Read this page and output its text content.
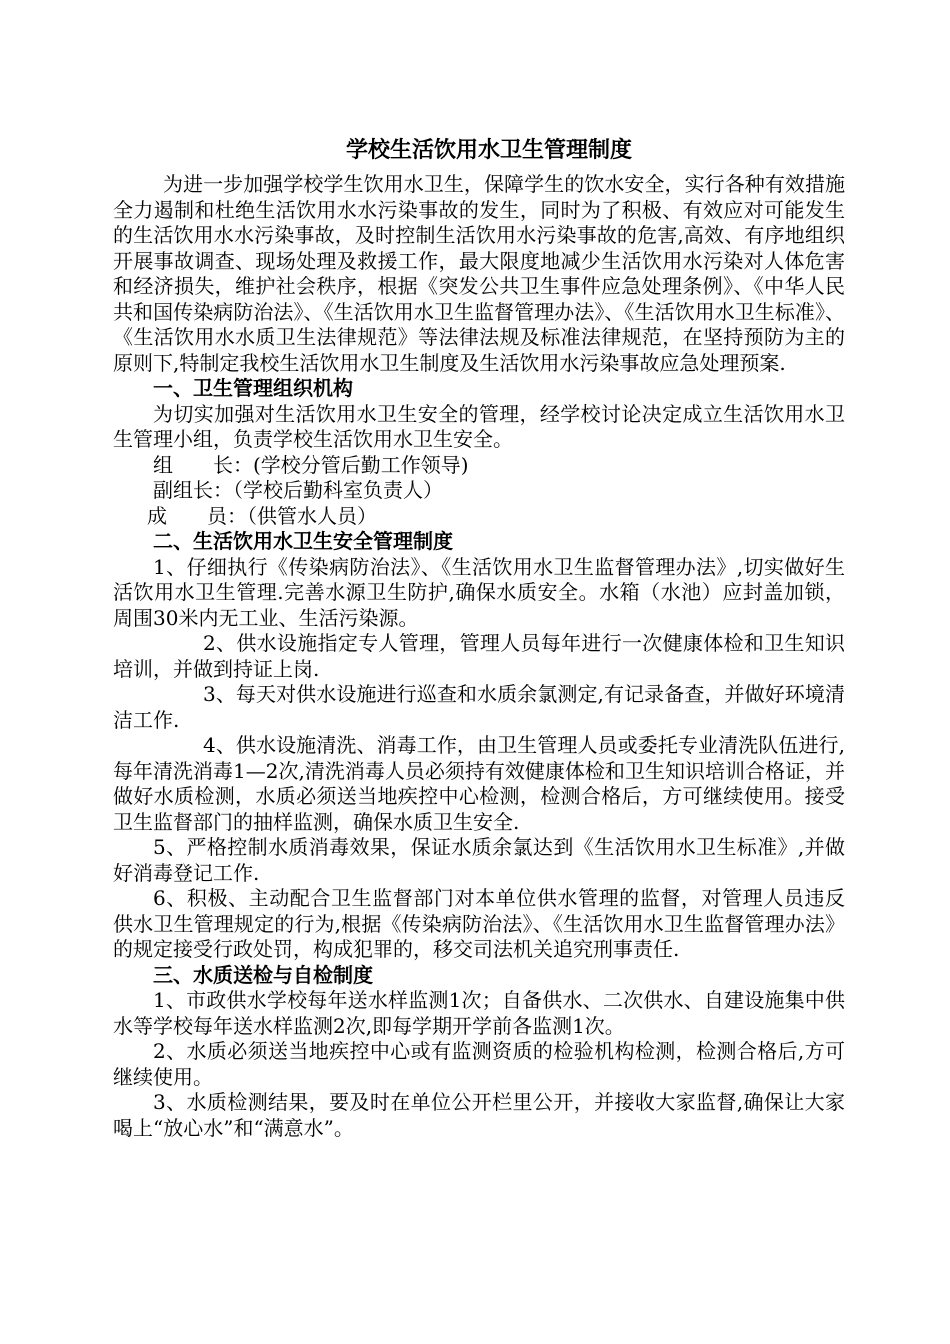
学校生活饮用水卫生管理制度

为进一步加强学校学生饮用水卫生，保障学生的饮水安全，实行各种有效措施全力遏制和杜绝生活饮用水水污染事故的发生，同时为了积极、有效应对可能发生的生活饮用水水污染事故，及时控制生活饮用水污染事故的危害,高效、有序地组织开展事故调查、现场处理及救援工作，最大限度地减少生活饮用水污染对人体危害和经济损失，维护社会秩序，根据《突发公共卫生事件应急处理条例》、《中华人民共和国传染病防治法》、《生活饮用水卫生监督管理办法》、《生活饮用水卫生标准》、《生活饮用水水质卫生法律规范》等法律法规及标准法律规范，在坚持预防为主的原则下,特制定我校生活饮用水卫生制度及生活饮用水污染事故应急处理预案.

一、卫生管理组织机构

为切实加强对生活饮用水卫生安全的管理，经学校讨论决定成立生活饮用水卫生管理小组，负责学校生活饮用水卫生安全。

组　　长：(学校分管后勤工作领导)

副组长：（学校后勤科室负责人）

成　　员：（供管水人员）

二、生活饮用水卫生安全管理制度

1、仔细执行《传染病防治法》、《生活饮用水卫生监督管理办法》,切实做好生活饮用水卫生管理.完善水源卫生防护,确保水质安全。水箱（水池）应封盖加锁，周围30米内无工业、生活污染源。

2、供水设施指定专人管理，管理人员每年进行一次健康体检和卫生知识培训，并做到持证上岗.

3、每天对供水设施进行巡查和水质余氯测定,有记录备查，并做好环境清洁工作.

4、供水设施清洗、消毒工作，由卫生管理人员或委托专业清洗队伍进行,每年清洗消毒1—2次,清洗消毒人员必须持有效健康体检和卫生知识培训合格证，并做好水质检测，水质必须送当地疾控中心检测，检测合格后，方可继续使用。接受卫生监督部门的抽样监测，确保水质卫生安全.

5、严格控制水质消毒效果，保证水质余氯达到《生活饮用水卫生标准》,并做好消毒登记工作.

6、积极、主动配合卫生监督部门对本单位供水管理的监督，对管理人员违反供水卫生管理规定的行为,根据《传染病防治法》、《生活饮用水卫生监督管理办法》的规定接受行政处罚，构成犯罪的，移交司法机关追究刑事责任.

三、水质送检与自检制度

1、市政供水学校每年送水样监测1次；自备供水、二次供水、自建设施集中供水等学校每年送水样监测2次,即每学期开学前各监测1次。

2、水质必须送当地疾控中心或有监测资质的检验机构检测，检测合格后,方可继续使用。

3、水质检测结果，要及时在单位公开栏里公开，并接收大家监督,确保让大家喝上“放心水”和“满意水”。
